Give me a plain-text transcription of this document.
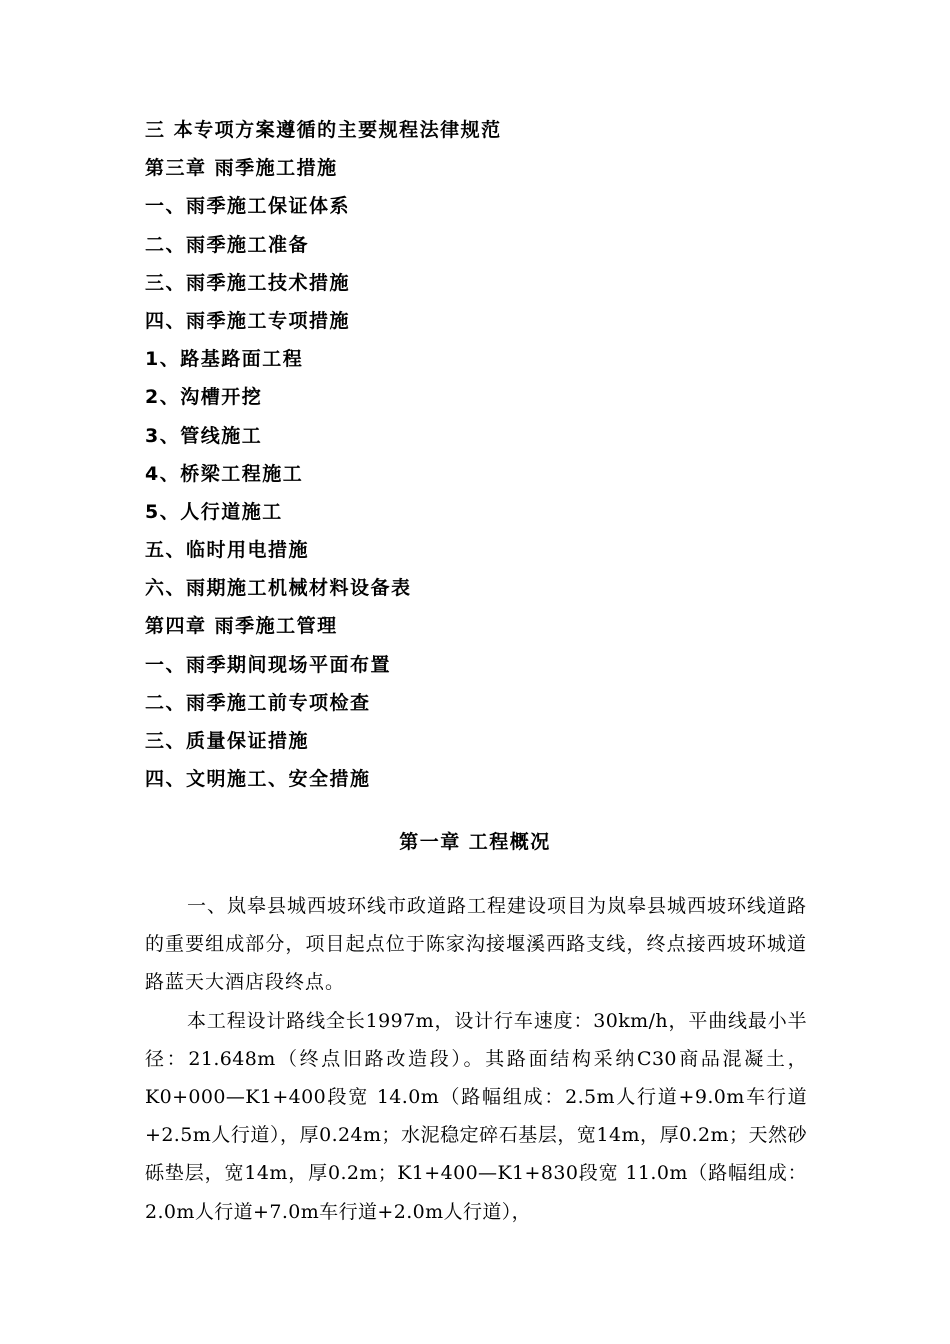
三 本专项方案遵循的主要规程法律规范
第三章 雨季施工措施
一、雨季施工保证体系
二、雨季施工准备
三、雨季施工技术措施
四、雨季施工专项措施
1、路基路面工程
2、沟槽开挖
3、管线施工
4、桥梁工程施工
5、人行道施工
五、临时用电措施
六、雨期施工机械材料设备表
第四章 雨季施工管理
一、雨季期间现场平面布置
二、雨季施工前专项检查
三、质量保证措施
四、文明施工、安全措施
第一章 工程概况

一、岚皋县城西坡环线市政道路工程建设项目为岚皋县城西坡环线道路的重要组成部分，项目起点位于陈家沟接堰溪西路支线，终点接西坡环城道路蓝天大酒店段终点。

本工程设计路线全长1997m，设计行车速度：30km/h，平曲线最小半径：21.648m（终点旧路改造段）。其路面结构采纳C30商品混凝土，K0+000—K1+400段宽 14.0m（路幅组成：2.5m人行道+9.0m车行道+2.5m人行道），厚0.24m；水泥稳定碎石基层，宽14m，厚0.2m；天然砂砾垫层，宽14m，厚0.2m；K1+400—K1+830段宽 11.0m（路幅组成：2.0m人行道+7.0m车行道+2.0m人行道），
